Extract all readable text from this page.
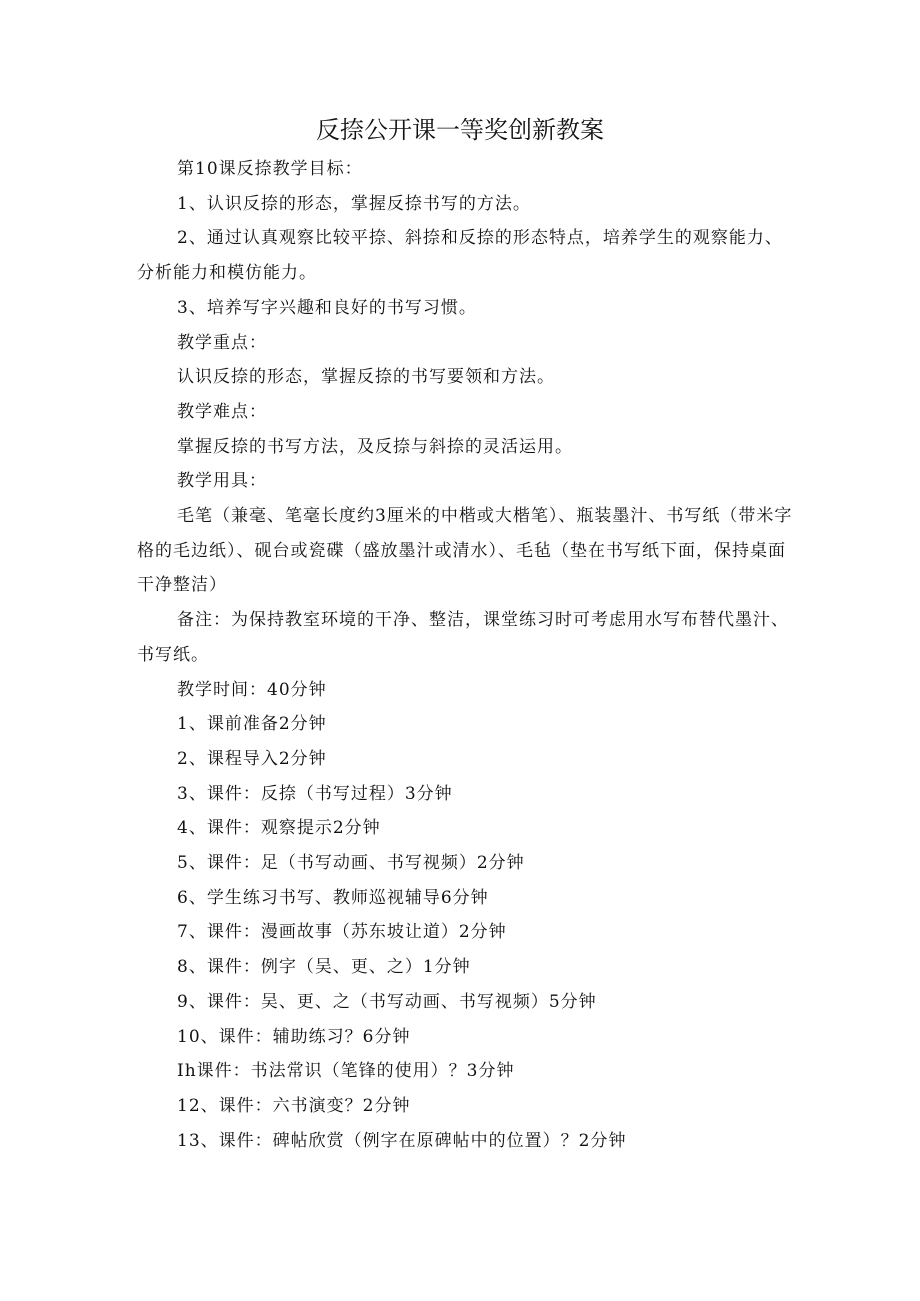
反捺公开课一等奖创新教案

第10课反捺教学目标：

1、认识反捺的形态，掌握反捺书写的方法。

2、通过认真观察比较平捺、斜捺和反捺的形态特点，培养学生的观察能力、分析能力和模仿能力。

3、培养写字兴趣和良好的书写习惯。

教学重点：

认识反捺的形态，掌握反捺的书写要领和方法。

教学难点：

掌握反捺的书写方法，及反捺与斜捺的灵活运用。

教学用具：

毛笔（兼毫、笔毫长度约3厘米的中楷或大楷笔）、瓶装墨汁、书写纸（带米字格的毛边纸）、砚台或瓷碟（盛放墨汁或清水）、毛毡（垫在书写纸下面，保持桌面干净整洁）

备注：为保持教室环境的干净、整洁，课堂练习时可考虑用水写布替代墨汁、书写纸。

教学时间：40分钟

1、课前准备2分钟

2、课程导入2分钟

3、课件：反捺（书写过程）3分钟

4、课件：观察提示2分钟

5、课件：足（书写动画、书写视频）2分钟

6、学生练习书写、教师巡视辅导6分钟

7、课件：漫画故事（苏东坡让道）2分钟

8、课件：例字（吴、更、之）1分钟

9、课件：吴、更、之（书写动画、书写视频）5分钟

10、课件：辅助练习？6分钟

Ih课件：书法常识（笔锋的使用）？3分钟

12、课件：六书演变？2分钟

13、课件：碑帖欣赏（例字在原碑帖中的位置）？2分钟
